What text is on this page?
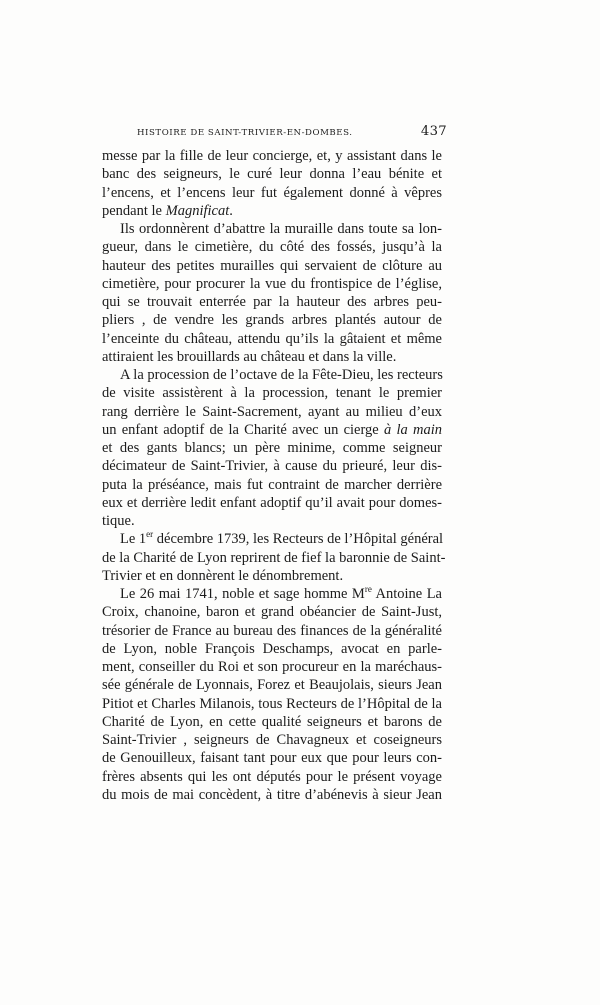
HISTOIRE DE SAINT-TRIVIER-EN-DOMBES.	437
messe par la fille de leur concierge, et, y assistant dans le
banc des seigneurs, le curé leur donna l’eau bénite et
l’encens, et l’encens leur fut également donné à vêpres
pendant le Magnificat.
Ils ordonnèrent d’abattre la muraille dans toute sa lon-
gueur, dans le cimetière, du côté des fossés, jusqu’à la
hauteur des petites murailles qui servaient de clôture au
cimetière, pour procurer la vue du frontispice de l’église,
qui se trouvait enterrée par la hauteur des arbres peu-
pliers , de vendre les grands arbres plantés autour de
l’enceinte du château, attendu qu’ils la gâtaient et même
attiraient les brouillards au château et dans la ville.
A la procession de l’octave de la Fête-Dieu, les recteurs
de visite assistèrent à la procession, tenant le premier
rang derrière le Saint-Sacrement, ayant au milieu d’eux
un enfant adoptif de la Charité avec un cierge à la main
et des gants blancs; un père minime, comme seigneur
décimateur de Saint-Trivier, à cause du prieuré, leur dis-
puta la préséance, mais fut contraint de marcher derrière
eux et derrière ledit enfant adoptif qu’il avait pour domes-
tique.
Le 1er décembre 1739, les Recteurs de l’Hôpital général
de la Charité de Lyon reprirent de fief la baronnie de Saint-
Trivier et en donnèrent le dénombrement.
Le 26 mai 1741, noble et sage homme Mre Antoine La
Croix, chanoine, baron et grand obéancier de Saint-Just,
trésorier de France au bureau des finances de la généralité
de Lyon, noble François Deschamps, avocat en parle-
ment, conseiller du Roi et son procureur en la maréchaus-
sée générale de Lyonnais, Forez et Beaujolais, sieurs Jean
Pitiot et Charles Milanois, tous Recteurs de l’Hôpital de la
Charité de Lyon, en cette qualité seigneurs et barons de
Saint-Trivier , seigneurs de Chavagneux et coseigneurs
de Genouilleux, faisant tant pour eux que pour leurs con-
frères absents qui les ont députés pour le présent voyage
du mois de mai concèdent, à titre d’abénevis à sieur Jean
